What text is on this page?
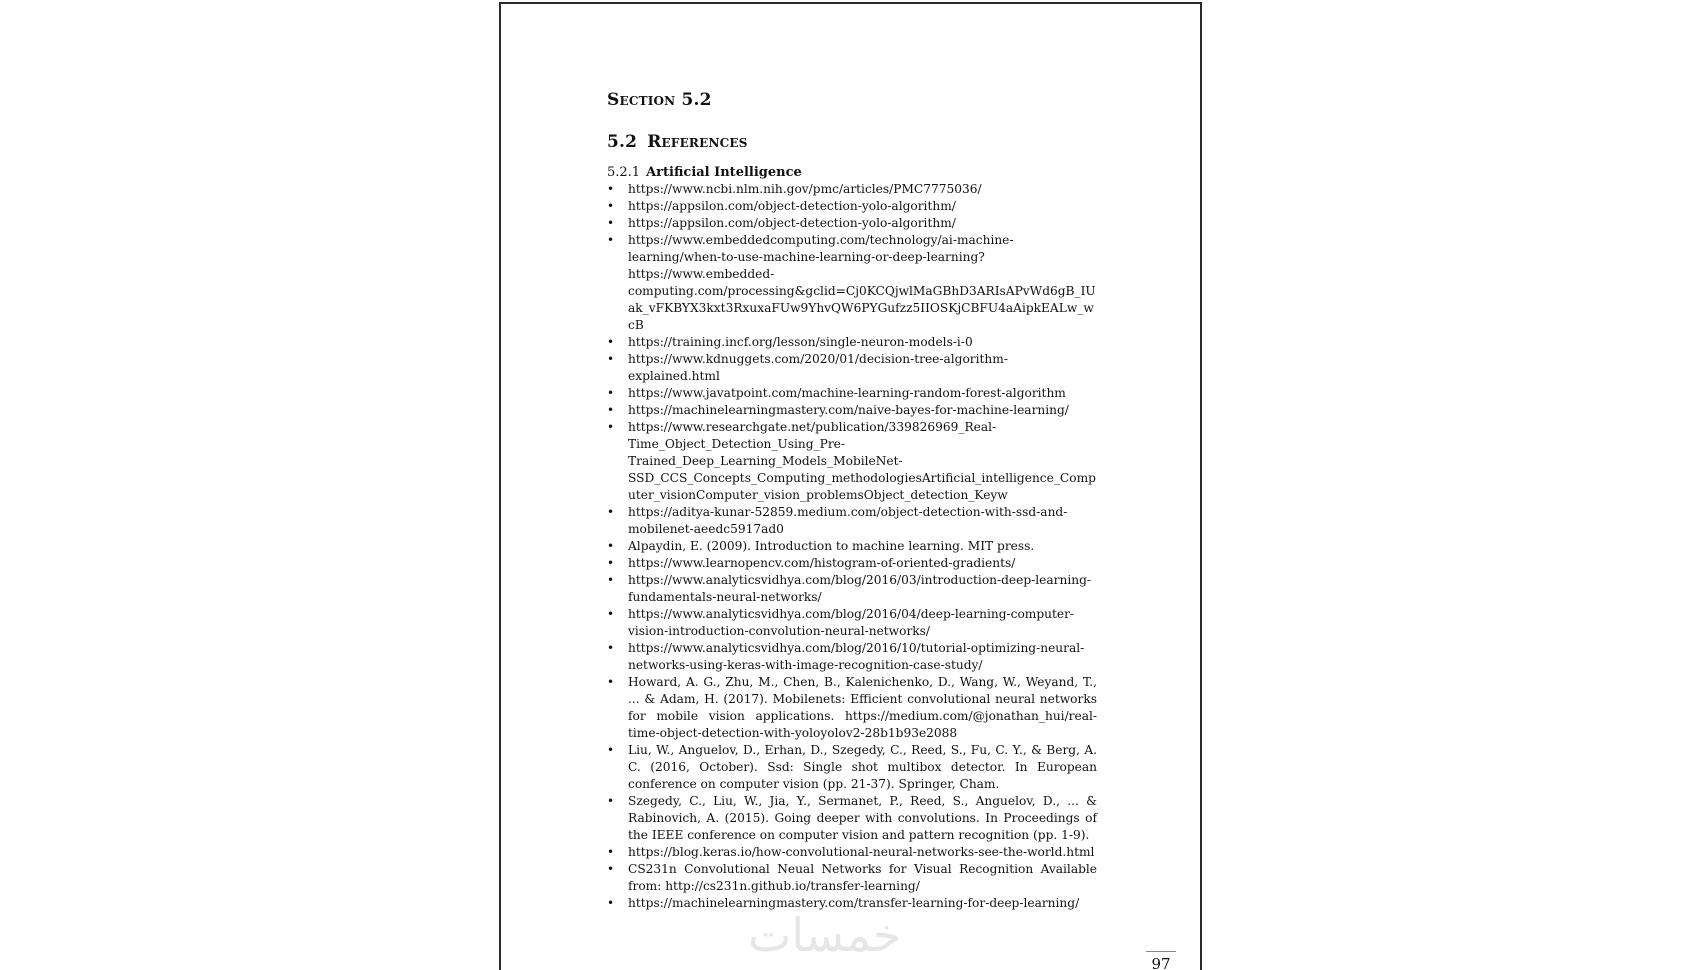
Section 5.2
5.2 References
5.2.1 Artificial Intelligence
• https://www.ncbi.nlm.nih.gov/pmc/articles/PMC7775036/
• https://appsilon.com/object-detection-yolo-algorithm/
• https://appsilon.com/object-detection-yolo-algorithm/
• https://www.embeddedcomputing.com/technology/ai-machine-learning/when-to-use-machine-learning-or-deep-learning?https://www.embedded-computing.com/processing&gclid=Cj0KCQjwlMaGBhD3ARIsAPvWd6gB_IUak_vFKBYX3kxt3RxuxaFUw9YhvQW6PYGufzz5IIOSKjCBFU4aAipkEALw_wcB
• https://training.incf.org/lesson/single-neuron-models-i-0
• https://www.kdnuggets.com/2020/01/decision-tree-algorithm-explained.html
• https://www.javatpoint.com/machine-learning-random-forest-algorithm
• https://machinelearningmastery.com/naive-bayes-for-machine-learning/
• https://www.researchgate.net/publication/339826969_Real-Time_Object_Detection_Using_Pre-Trained_Deep_Learning_Models_MobileNet-SSD_CCS_Concepts_Computing_methodologiesArtificial_intelligence_Computer_visionComputer_vision_problemsObject_detection_Keyw
• https://aditya-kunar-52859.medium.com/object-detection-with-ssd-and-mobilenet-aeedc5917ad0
• Alpaydin, E. (2009). Introduction to machine learning. MIT press.
• https://www.learnopencv.com/histogram-of-oriented-gradients/
• https://www.analyticsvidhya.com/blog/2016/03/introduction-deep-learning-fundamentals-neural-networks/
• https://www.analyticsvidhya.com/blog/2016/04/deep-learning-computer-vision-introduction-convolution-neural-networks/
• https://www.analyticsvidhya.com/blog/2016/10/tutorial-optimizing-neural-networks-using-keras-with-image-recognition-case-study/
• Howard, A. G., Zhu, M., Chen, B., Kalenichenko, D., Wang, W., Weyand, T., ... & Adam, H. (2017). Mobilenets: Efficient convolutional neural networks for mobile vision applications. https://medium.com/@jonathan_hui/real-time-object-detection-with-yoloyolov2-28b1b93e2088
• Liu, W., Anguelov, D., Erhan, D., Szegedy, C., Reed, S., Fu, C. Y., & Berg, A. C. (2016, October). Ssd: Single shot multibox detector. In European conference on computer vision (pp. 21-37). Springer, Cham.
• Szegedy, C., Liu, W., Jia, Y., Sermanet, P., Reed, S., Anguelov, D., ... & Rabinovich, A. (2015). Going deeper with convolutions. In Proceedings of the IEEE conference on computer vision and pattern recognition (pp. 1-9).
• https://blog.keras.io/how-convolutional-neural-networks-see-the-world.html
• CS231n Convolutional Neual Networks for Visual Recognition Available from: http://cs231n.github.io/transfer-learning/
• https://machinelearningmastery.com/transfer-learning-for-deep-learning/
خمسات
97
